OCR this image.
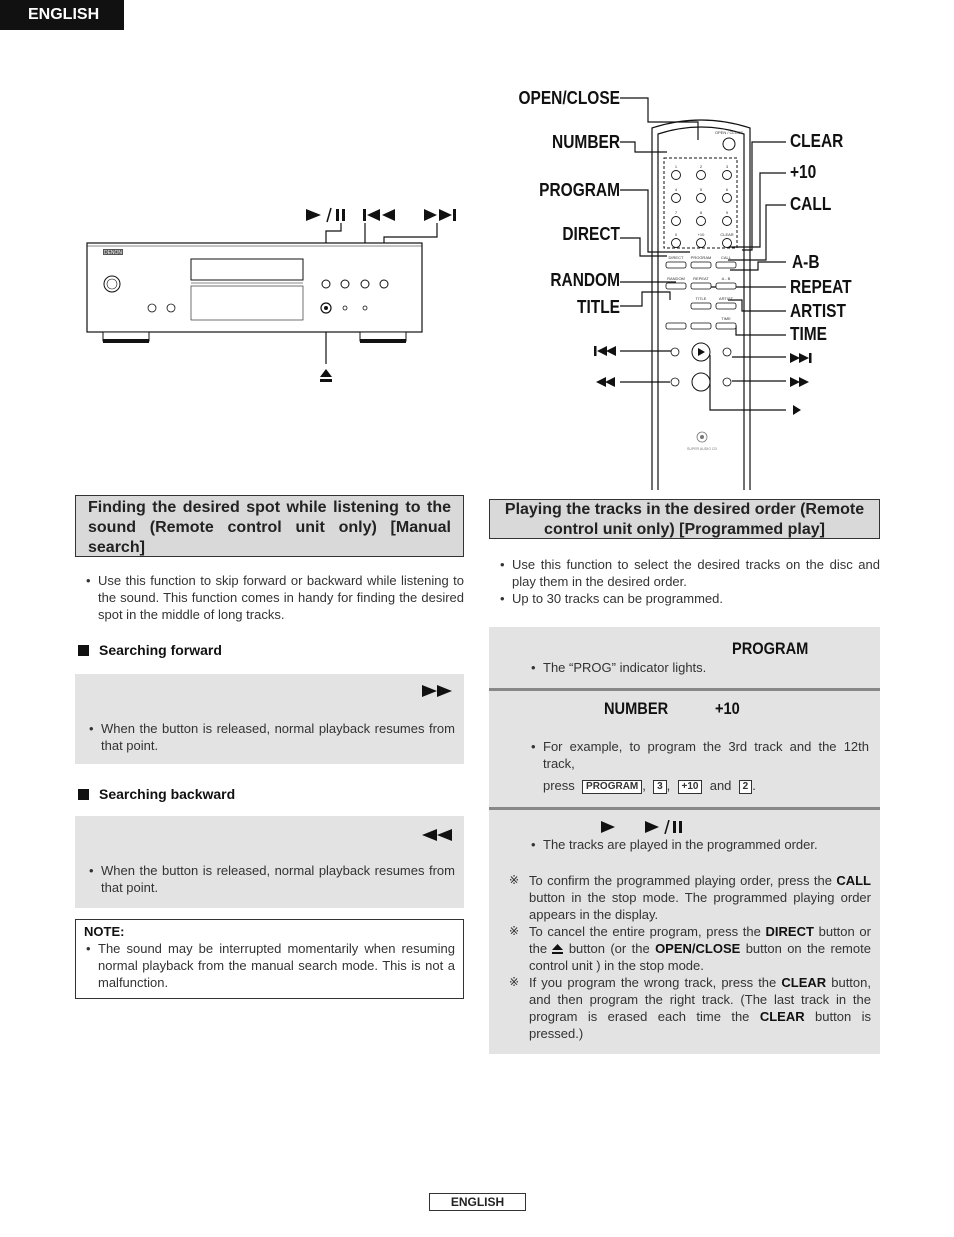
ENGLISH
DENON
OPEN / CLOSE
1	2	3
4	5	6
7	8	9
0	+10	CLEAR
DIRECT PROGRAM CALL
RANDOM REPEAT	A - B
TITLE	ARTIST
TIME
SUPER AUDIO CD
OPEN/CLOSE
NUMBER
PROGRAM
DIRECT
RANDOM
TITLE
CLEAR
+10
CALL
A-B
REPEAT
ARTIST
TIME
Finding the desired spot while listening to the sound (Remote control unit only) [Manual search]
• Use this function to skip forward or backward while listening to the sound. This function comes in handy for finding the desired spot in the middle of long tracks.
Searching forward
• When the button is released, normal playback resumes from that point.
Searching backward
• When the button is released, normal playback resumes from that point.
NOTE:
• The sound may be interrupted momentarily when resuming normal playback from the manual search mode. This is not a malfunction.
Playing the tracks in the desired order (Remote control unit only) [Programmed play]
• Use this function to select the desired tracks on the disc and play them in the desired order.
• Up to 30 tracks can be programmed.
PROGRAM
• The “PROG” indicator lights.
NUMBER	+10
• For example, to program the 3rd track and the 12th track,
press PROGRAM ,  3 ,  +10 and 2 .
• The tracks are played in the programmed order.
※ To confirm the programmed playing order, press the CALL button in the stop mode. The programmed playing order appears in the display.
※ To cancel the entire program, press the DIRECT button or the button (or the OPEN/CLOSE button on the remote control unit ) in the stop mode.
※ If you program the wrong track, press the CLEAR button, and then program the right track. (The last track in the program is erased each time the CLEAR button is pressed.)
ENGLISH
